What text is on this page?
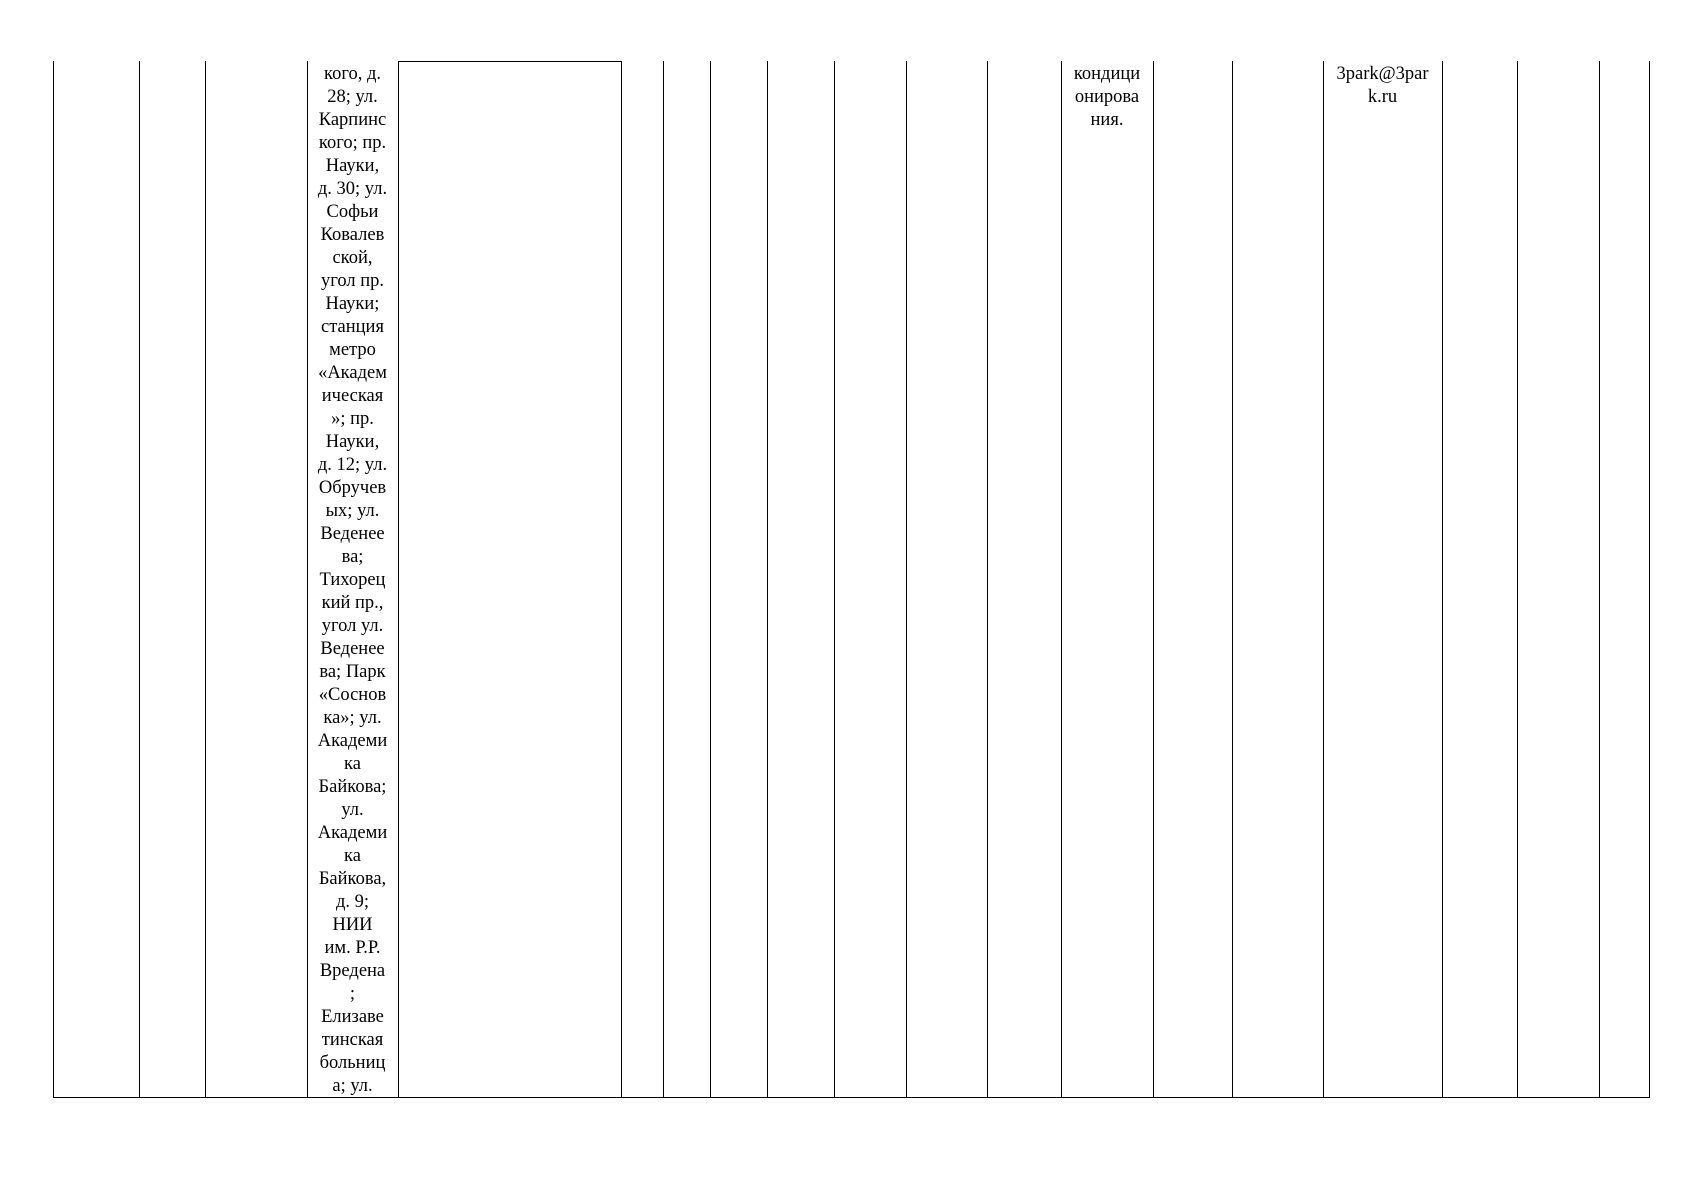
кого, д.
28; ул.
Карпинс
кого; пр.
Науки,
д. 30; ул.
Софьи
Ковалев
ской,
угол пр.
Науки;
станция
метро
«Академ
ическая
»; пр.
Науки,
д. 12; ул.
Обручев
ых; ул.
Веденее
ва;
Тихорец
кий пр.,
угол ул.
Веденее
ва; Парк
«Соснов
ка»; ул.
Академи
ка
Байкова;
ул.
Академи
ка
Байкова,
д. 9;
НИИ
им. Р.Р.
Вредена
;
Елизаве
тинская
больниц
а; ул.
кондици
онирова
ния.
3park@3par
k.ru
